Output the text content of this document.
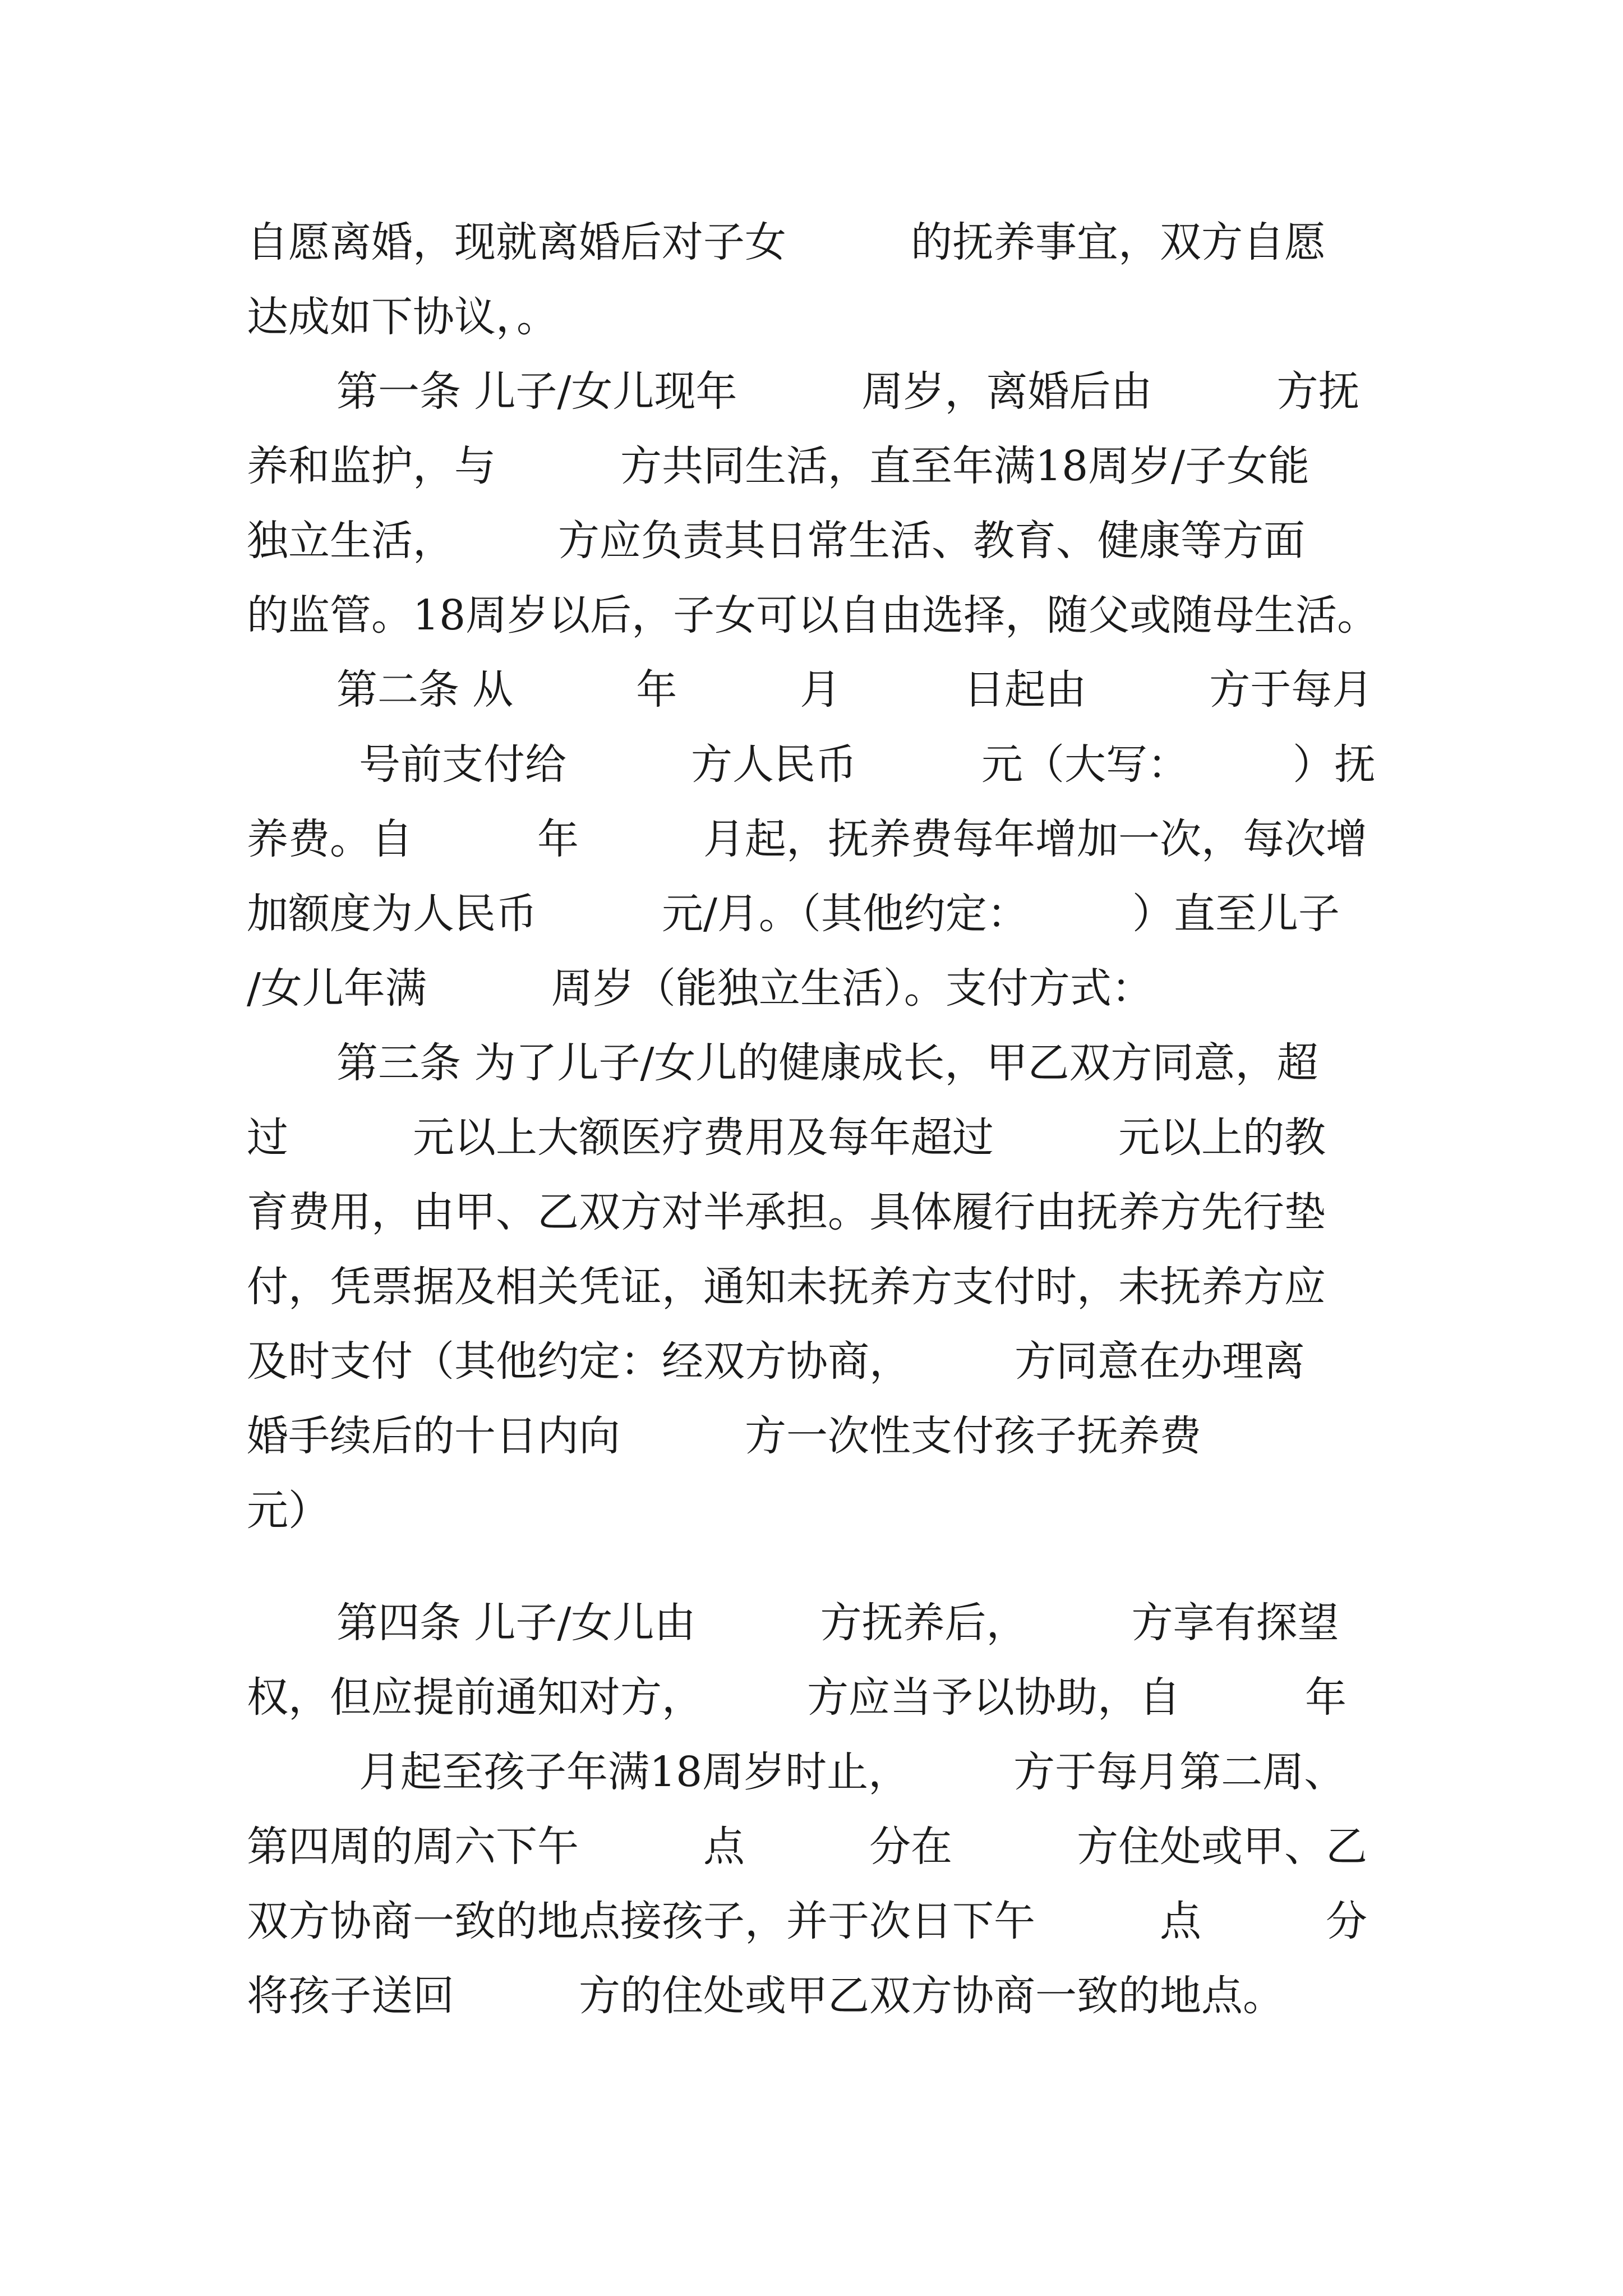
自愿离婚，现就离婚后对子女　　　的抚养事宜，双方自愿
达成如下协议，。
第一条 儿子/女儿现年　　　周岁，离婚后由　　　方抚
养和监护，与　　　方共同生活，直至年满18周岁/子女能
独立生活，　　　方应负责其日常生活、教育、健康等方面
的监管。18周岁以后，子女可以自由选择，随父或随母生活。
第二条 从　　　年　　　月　　　日起由　　　方于每月
号前支付给　　　方人民币　　　元（大写：　　　）抚
养费。自　　　年　　　月起，抚养费每年增加一次，每次增
加额度为人民币　　　元/月。（其他约定：　　　）直至儿子
/女儿年满　　　周岁（能独立生活）。支付方式：
第三条 为了儿子/女儿的健康成长，甲乙双方同意，超
过　　　元以上大额医疗费用及每年超过　　　元以上的教
育费用，由甲、乙双方对半承担。具体履行由抚养方先行垫
付，凭票据及相关凭证，通知未抚养方支付时，未抚养方应
及时支付（其他约定：经双方协商，　　　方同意在办理离
婚手续后的十日内向　　　方一次性支付孩子抚养费
元）
第四条 儿子/女儿由　　　方抚养后，　　　方享有探望
权，但应提前通知对方，　　　方应当予以协助，自　　　年
月起至孩子年满18周岁时止，　　　方于每月第二周、
第四周的周六下午　　　点　　　分在　　　方住处或甲、乙
双方协商一致的地点接孩子，并于次日下午　　　点　　　分
将孩子送回　　　方的住处或甲乙双方协商一致的地点。
